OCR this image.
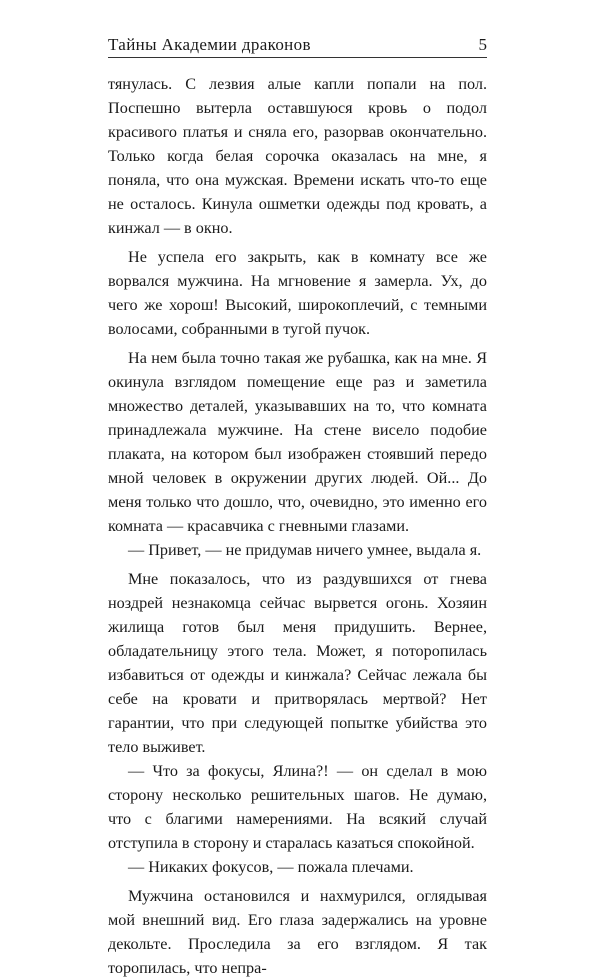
Тайны Академии драконов	5

тянулась. С лезвия алые капли попали на пол. Поспешно вытерла оставшуюся кровь о подол красивого платья и сняла его, разорвав окончательно. Только когда белая сорочка оказалась на мне, я поняла, что она мужская. Времени искать что-то еще не осталось. Кинула ошметки одежды под кровать, а кинжал — в окно.

Не успела его закрыть, как в комнату все же ворвался мужчина. На мгновение я замерла. Ух, до чего же хорош! Высокий, широкоплечий, с темными волосами, собранными в тугой пучок.

На нем была точно такая же рубашка, как на мне. Я окинула взглядом помещение еще раз и заметила множество деталей, указывавших на то, что комната принадлежала мужчине. На стене висело подобие плаката, на котором был изображен стоявший передо мной человек в окружении других людей. Ой... До меня только что дошло, что, очевидно, это именно его комната — красавчика с гневными глазами.

— Привет, — не придумав ничего умнее, выдала я.

Мне показалось, что из раздувшихся от гнева ноздрей незнакомца сейчас вырвется огонь. Хозяин жилища готов был меня придушить. Вернее, обладательницу этого тела. Может, я поторопилась избавиться от одежды и кинжала? Сейчас лежала бы себе на кровати и притворялась мертвой? Нет гарантии, что при следующей попытке убийства это тело выживет.

— Что за фокусы, Ялина?! — он сделал в мою сторону несколько решительных шагов. Не думаю, что с благими намерениями. На всякий случай отступила в сторону и старалась казаться спокойной.

— Никаких фокусов, — пожала плечами.

Мужчина остановился и нахмурился, оглядывая мой внешний вид. Его глаза задержались на уровне декольте. Проследила за его взглядом. Я так торопилась, что непра-
